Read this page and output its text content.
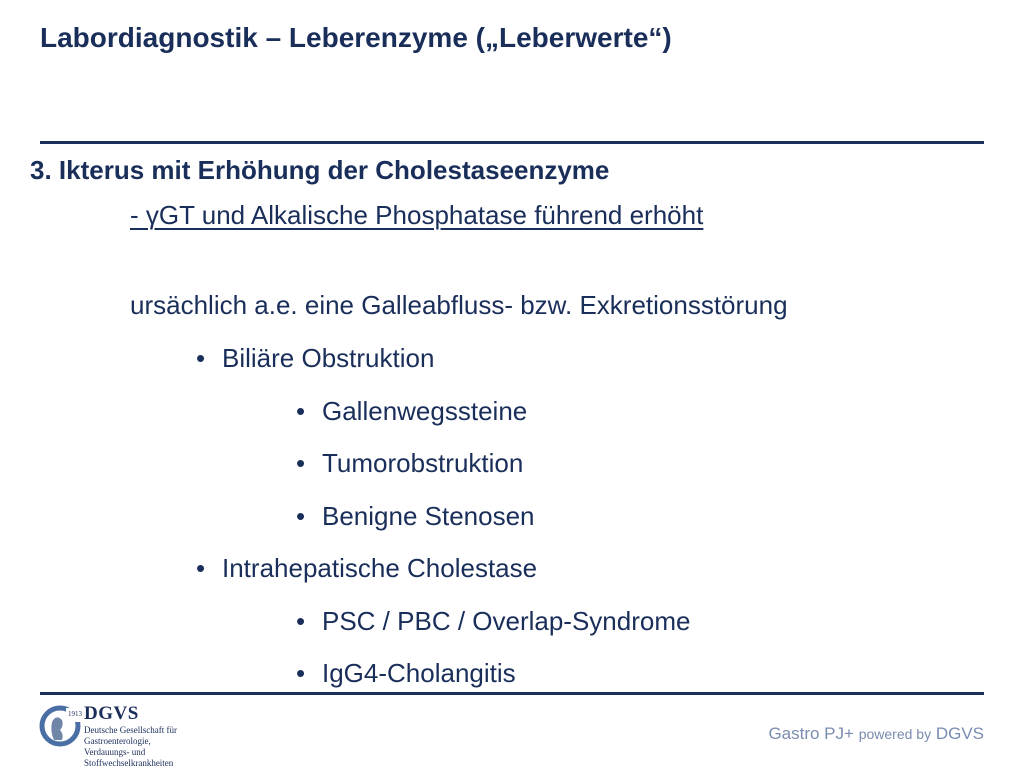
Labordiagnostik – Leberenzyme („Leberwerte“)
3. Ikterus mit Erhöhung der Cholestaseenzyme
- γGT und Alkalische Phosphatase führend erhöht
ursächlich a.e. eine Galleabfluss- bzw. Exkretionsstörung
• Biliäre Obstruktion
• Gallenwegssteine
• Tumorobstruktion
• Benigne Stenosen
• Intrahepatische Cholestase
• PSC / PBC / Overlap-Syndrome
• IgG4-Cholangitis
1913 DGVS
Deutsche Gesellschaft für
Gastroenterologie,
Verdauungs- und
Stoffwechselkrankheiten
Gastro PJ+ powered by DGVS
